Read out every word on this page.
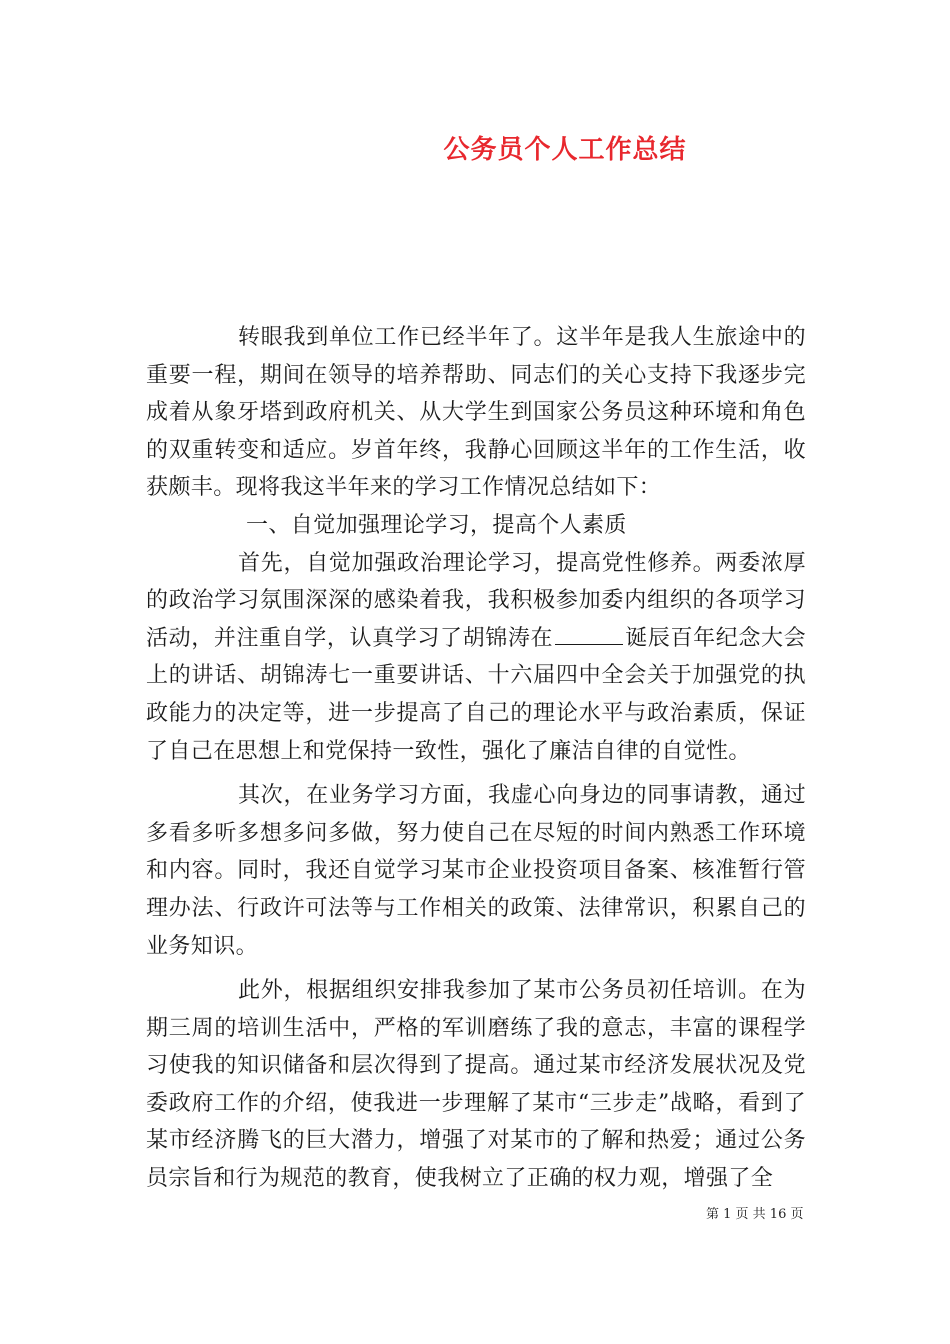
公务员个人工作总结

转眼我到单位工作已经半年了。这半年是我人生旅途中的重要一程，期间在领导的培养帮助、同志们的关心支持下我逐步完成着从象牙塔到政府机关、从大学生到国家公务员这种环境和角色的双重转变和适应。岁首年终，我静心回顾这半年的工作生活，收获颇丰。现将我这半年来的学习工作情况总结如下：

一、自觉加强理论学习，提高个人素质

首先，自觉加强政治理论学习，提高党性修养。两委浓厚的政治学习氛围深深的感染着我，我积极参加委内组织的各项学习活动，并注重自学，认真学习了胡锦涛在	诞辰百年纪念大会上的讲话、胡锦涛七一重要讲话、十六届四中全会关于加强党的执政能力的决定等，进一步提高了自己的理论水平与政治素质，保证了自己在思想上和党保持一致性，强化了廉洁自律的自觉性。

其次，在业务学习方面，我虚心向身边的同事请教，通过多看多听多想多问多做，努力使自己在尽短的时间内熟悉工作环境和内容。同时，我还自觉学习某市企业投资项目备案、核准暂行管理办法、行政许可法等与工作相关的政策、法律常识，积累自己的业务知识。

此外，根据组织安排我参加了某市公务员初任培训。在为期三周的培训生活中，严格的军训磨练了我的意志，丰富的课程学习使我的知识储备和层次得到了提高。通过某市经济发展状况及党委政府工作的介绍，使我进一步理解了某市“三步走”战略，看到了某市经济腾飞的巨大潜力，增强了对某市的了解和热爱；通过公务员宗旨和行为规范的教育，使我树立了正确的权力观，增强了全

第 1 页 共 16 页
